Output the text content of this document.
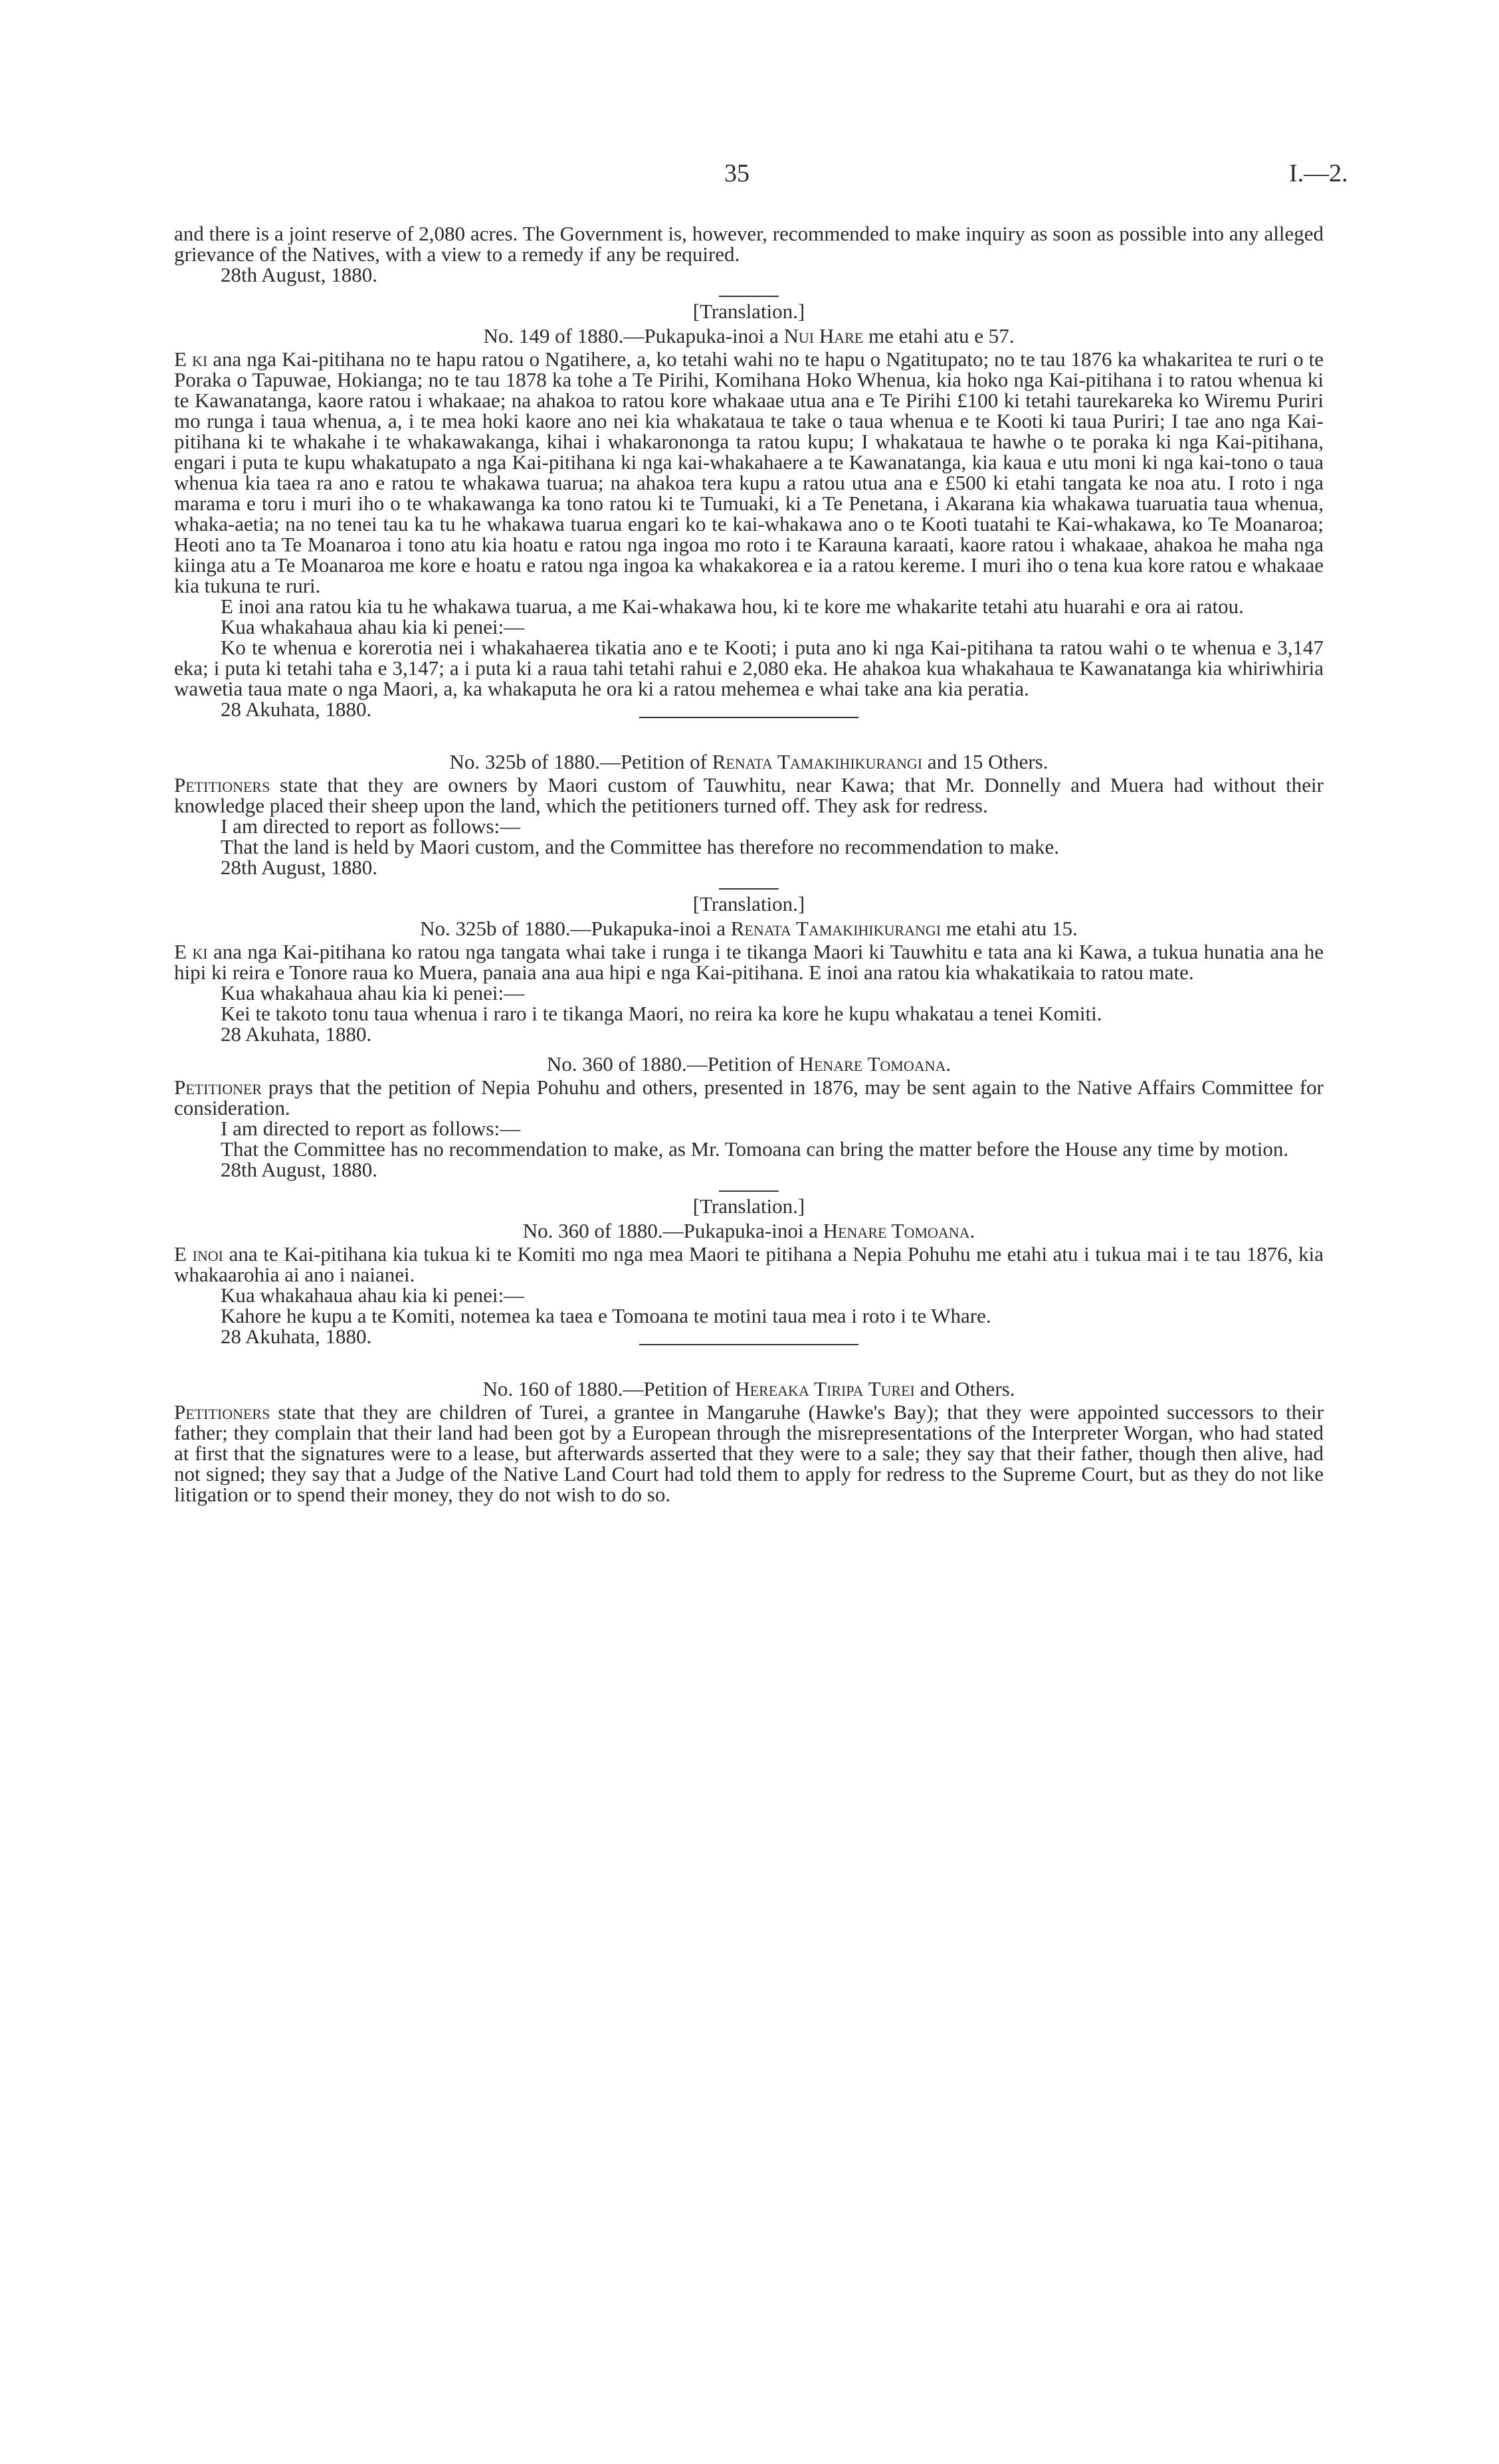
35	I.—2.

and there is a joint reserve of 2,080 acres. The Government is, however, recommended to make inquiry as soon as possible into any alleged grievance of the Natives, with a view to a remedy if any be required.

28th August, 1880.

[Translation.]

No. 149 of 1880.—Pukapuka-inoi a Nui Hare me etahi atu e 57.

E ki ana nga Kai-pitihana no te hapu ratou o Ngatihere, a, ko tetahi wahi no te hapu o Ngatitupato; no te tau 1876 ka whakaritea te ruri o te Poraka o Tapuwae, Hokianga; no te tau 1878 ka tohe a Te Pirihi, Komihana Hoko Whenua, kia hoko nga Kai-pitihana i to ratou whenua ki te Kawanatanga, kaore ratou i whakaae; na ahakoa to ratou kore whakaae utua ana e Te Pirihi £100 ki tetahi taurekareka ko Wiremu Puriri mo runga i taua whenua, a, i te mea hoki kaore ano nei kia whakataua te take o taua whenua e te Kooti ki taua Puriri; I tae ano nga Kai-pitihana ki te whakahe i te whakawakanga, kihai i whakaronongа ta ratou kupu; I whakataua te hawhe o te poraka ki nga Kai-pitihana, engari i puta te kupu whakatupato a nga Kai-pitihana ki nga kai-whakahaere a te Kawanatanga, kia kaua e utu moni ki nga kai-tono o taua whenua kia taea ra ano e ratou te whakawa tuarua; na ahakoa tera kupu a ratou utua ana e £500 ki etahi tangata ke noa atu. I roto i nga marama e toru i muri iho o te whakawanga ka tono ratou ki te Tumuaki, ki a Te Penetana, i Akarana kia whakawa tuaruatia taua whenua, whaka-aetia; na no tenei tau ka tu he whakawa tuarua engari ko te kai-whakawa ano o te Kooti tuatahi te Kai-whakawa, ko Te Moanaroa; Heoti ano ta Te Moanaroa i tono atu kia hoatu e ratou nga ingoa mo roto i te Karauna karaati, kaore ratou i whakaae, ahakoa he maha nga kiinga atu a Te Moanaroa me kore e hoatu e ratou nga ingoa ka whakakorea e ia a ratou kereme. I muri iho o tena kua kore ratou e whakaae kia tukuna te ruri.

E inoi ana ratou kia tu he whakawa tuarua, a me Kai-whakawa hou, ki te kore me whakarite tetahi atu huarahi e ora ai ratou.

Kua whakahaua ahau kia ki penei:—

Ko te whenua e korerotia nei i whakahaerea tikatia ano e te Kooti; i puta ano ki nga Kai-pitihana ta ratou wahi o te whenua e 3,147 eka; i puta ki tetahi taha e 3,147; a i puta ki a raua tahi tetahi rahui e 2,080 eka. He ahakoa kua whakahaua te Kawanatanga kia whiriwhiria wawetia taua mate o nga Maori, a, ka whakaputa he ora ki a ratou mehemea e whai take ana kia peratia.

28 Akuhata, 1880.

No. 325b of 1880.—Petition of Renata Tamakihikurangi and 15 Others.

Petitioners state that they are owners by Maori custom of Tauwhitu, near Kawa; that Mr. Donnelly and Muera had without their knowledge placed their sheep upon the land, which the petitioners turned off. They ask for redress.

I am directed to report as follows:—

That the land is held by Maori custom, and the Committee has therefore no recommendation to make.

28th August, 1880.

[Translation.]

No. 325b of 1880.—Pukapuka-inoi a Renata Tamakihikurangi me etahi atu 15.

E ki ana nga Kai-pitihana ko ratou nga tangata whai take i runga i te tikanga Maori ki Tauwhitu e tata ana ki Kawa, a tukua hunatia ana he hipi ki reira e Tonore raua ko Muera, panaia ana aua hipi e nga Kai-pitihana. E inoi ana ratou kia whakatikaia to ratou mate.

Kua whakahaua ahau kia ki penei:—

Kei te takoto tonu taua whenua i raro i te tikanga Maori, no reira ka kore he kupu whakatau a tenei Komiti.

28 Akuhata, 1880.

No. 360 of 1880.—Petition of Henare Tomoana.

Petitioner prays that the petition of Nepia Pohuhu and others, presented in 1876, may be sent again to the Native Affairs Committee for consideration.

I am directed to report as follows:—

That the Committee has no recommendation to make, as Mr. Tomoana can bring the matter before the House any time by motion.

28th August, 1880.

[Translation.]

No. 360 of 1880.—Pukapuka-inoi a Henare Tomoana.

E inoi ana te Kai-pitihana kia tukua ki te Komiti mo nga mea Maori te pitihana a Nepia Pohuhu me etahi atu i tukua mai i te tau 1876, kia whakaarohia ai ano i naianei.

Kua whakahaua ahau kia ki penei:—

Kahore he kupu a te Komiti, notemea ka taea e Tomoana te motini taua mea i roto i te Whare.

28 Akuhata, 1880.

No. 160 of 1880.—Petition of Hereaka Tiripa Turei and Others.

Petitioners state that they are children of Turei, a grantee in Mangaruhe (Hawke's Bay); that they were appointed successors to their father; they complain that their land had been got by a European through the misrepresentations of the Interpreter Worgan, who had stated at first that the signatures were to a lease, but afterwards asserted that they were to a sale; they say that their father, though then alive, had not signed; they say that a Judge of the Native Land Court had told them to apply for redress to the Supreme Court, but as they do not like litigation or to spend their money, they do not wish to do so.
